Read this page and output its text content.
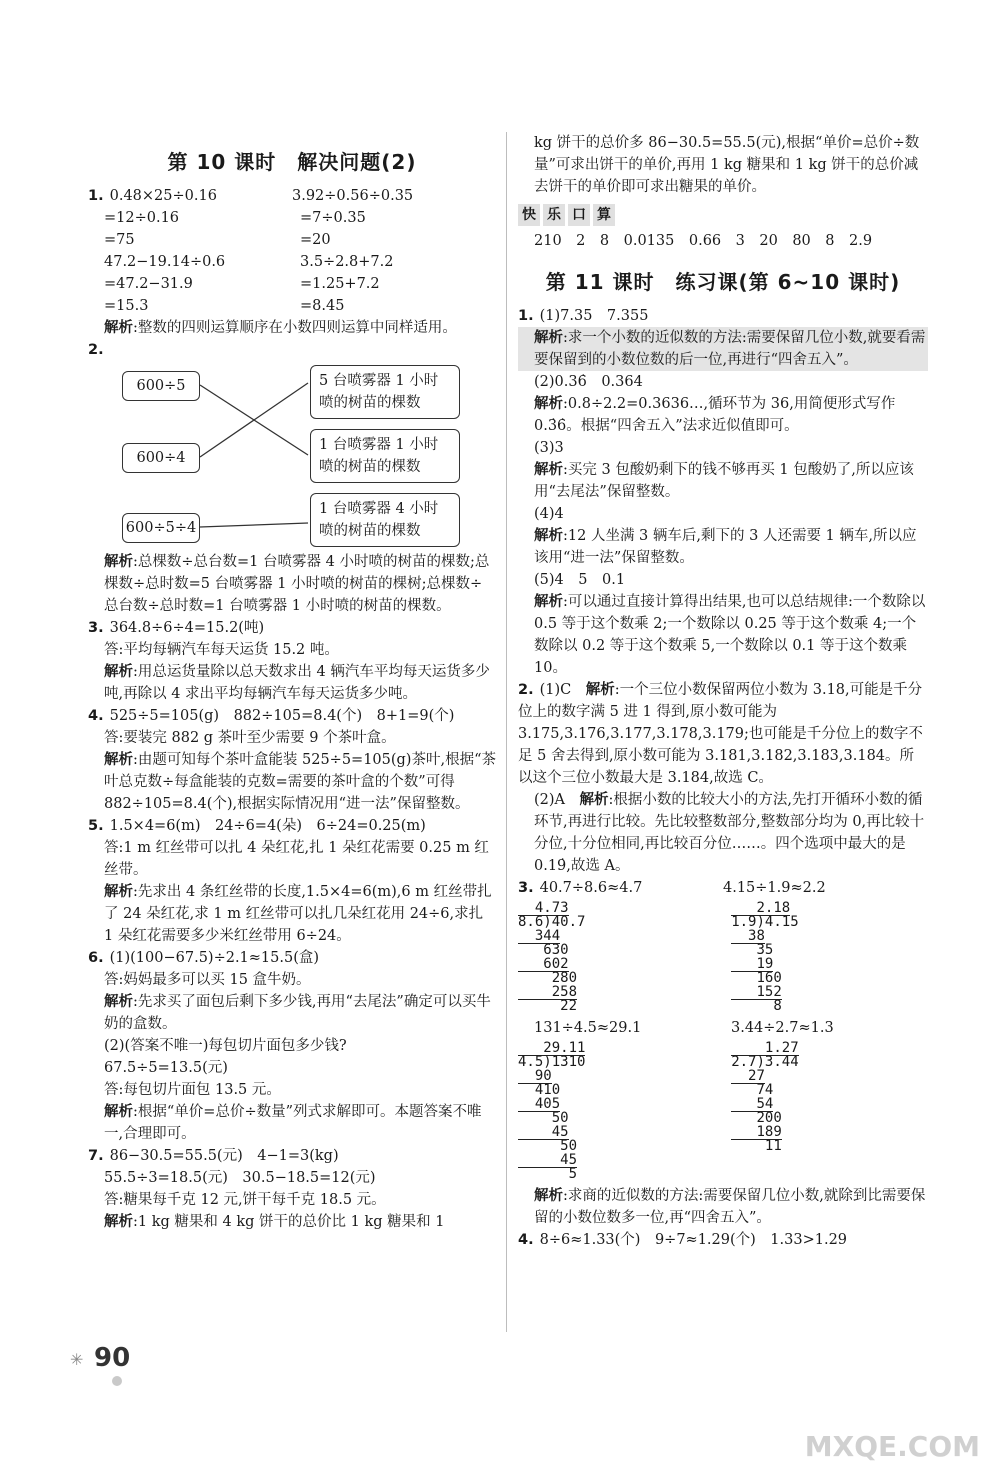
第 10 课时　解决问题(2)
1. 0.48×25÷0.16	3.92÷0.56÷0.35
=12÷0.16	=7÷0.35
=75	=20
47.2−19.14÷0.6	3.5÷2.8+7.2
=47.2−31.9	=1.25+7.2
=15.3	=8.45
解析:整数的四则运算顺序在小数四则运算中同样适用。
2.
600÷5
600÷4
600÷5÷4
5 台喷雾器 1 小时喷的树苗的棵数
1 台喷雾器 1 小时喷的树苗的棵数
1 台喷雾器 4 小时喷的树苗的棵数
解析:总棵数÷总台数=1 台喷雾器 4 小时喷的树苗的棵数;总棵数÷总时数=5 台喷雾器 1 小时喷的树苗的棵树;总棵数÷总台数÷总时数=1 台喷雾器 1 小时喷的树苗的棵数。
3. 364.8÷6÷4=15.2(吨)
答:平均每辆汽车每天运货 15.2 吨。
解析:用总运货量除以总天数求出 4 辆汽车平均每天运货多少吨,再除以 4 求出平均每辆汽车每天运货多少吨。
4. 525÷5=105(g)　882÷105=8.4(个)　8+1=9(个)
答:要装完 882 g 茶叶至少需要 9 个茶叶盒。
解析:由题可知每个茶叶盒能装 525÷5=105(g)茶叶,根据“茶叶总克数÷每盒能装的克数=需要的茶叶盒的个数”可得 882÷105=8.4(个),根据实际情况用“进一法”保留整数。
5. 1.5×4=6(m)　24÷6=4(朵)　6÷24=0.25(m)
答:1 m 红丝带可以扎 4 朵红花,扎 1 朵红花需要 0.25 m 红丝带。
解析:先求出 4 条红丝带的长度,1.5×4=6(m),6 m 红丝带扎了 24 朵红花,求 1 m 红丝带可以扎几朵红花用 24÷6,求扎 1 朵红花需要多少米红丝带用 6÷24。
6. (1)(100−67.5)÷2.1≈15.5(盒)
答:妈妈最多可以买 15 盒牛奶。
解析:先求买了面包后剩下多少钱,再用“去尾法”确定可以买牛奶的盒数。
(2)(答案不唯一)每包切片面包多少钱?
67.5÷5=13.5(元)
答:每包切片面包 13.5 元。
解析:根据“单价=总价÷数量”列式求解即可。本题答案不唯一,合理即可。
7. 86−30.5=55.5(元)　4−1=3(kg)
55.5÷3=18.5(元)　30.5−18.5=12(元)
答:糖果每千克 12 元,饼干每千克 18.5 元。
解析:1 kg 糖果和 4 kg 饼干的总价比 1 kg 糖果和 1
kg 饼干的总价多 86−30.5=55.5(元),根据“单价=总价÷数量”可求出饼干的单价,再用 1 kg 糖果和 1 kg 饼干的总价减去饼干的单价即可求出糖果的单价。
快 乐 口 算
210　2　8　0.0135　0.66　3　20　80　8　2.9
第 11 课时　练习课(第 6~10 课时)
1. (1)7.35　7.355
解析:求一个小数的近似数的方法:需要保留几位小数,就要看需要保留到的小数位数的后一位,再进行“四舍五入”。
(2)0.36̇　0.364
解析:0.8÷2.2=0.3636…,循环节为 36,用简便形式写作 0.3̇6̇。根据“四舍五入”法求近似值即可。
(3)3
解析:买完 3 包酸奶剩下的钱不够再买 1 包酸奶了,所以应该用“去尾法”保留整数。
(4)4
解析:12 人坐满 3 辆车后,剩下的 3 人还需要 1 辆车,所以应该用“进一法”保留整数。
(5)4　5　0.1
解析:可以通过直接计算得出结果,也可以总结规律:一个数除以 0.5 等于这个数乘 2;一个数除以 0.25 等于这个数乘 4;一个数除以 0.2 等于这个数乘 5,一个数除以 0.1 等于这个数乘 10。
2. (1)C　 解析:一个三位小数保留两位小数为 3.18,可能是千分位上的数字满 5 进 1 得到,原小数可能为 3.175,3.176,3.177,3.178,3.179;也可能是千分位上的数字不足 5 舍去得到,原小数可能为 3.181,3.182,3.183,3.184。所以这个三位小数最大是 3.184,故选 C。
(2)A　 解析:根据小数的比较大小的方法,先打开循环小数的循环节,再进行比较。先比较整数部分,整数部分均为 0,再比较十分位,十分位相同,再比较百分位……。四个选项中最大的是 0.19̇,故选 A。
3. 40.7÷8.6≈4.7	4.15÷1.9≈2.2
4.73
8.6)40.7
344
630
602
280
258
22
2.18
1.9)4.15
38
35
19
160
152
8
131÷4.5≈29.1	3.44÷2.7≈1.3
29.11
4.5)1310
90
410
405
50
45
50
45
5
1.27
2.7)3.44
27
74
54
200
189
11
解析:求商的近似数的方法:需要保留几位小数,就除到比需要保留的小数位数多一位,再“四舍五入”。
4. 8÷6≈1.33(个)　9÷7≈1.29(个)　1.33>1.29
✳ 90
MXQE.COM
